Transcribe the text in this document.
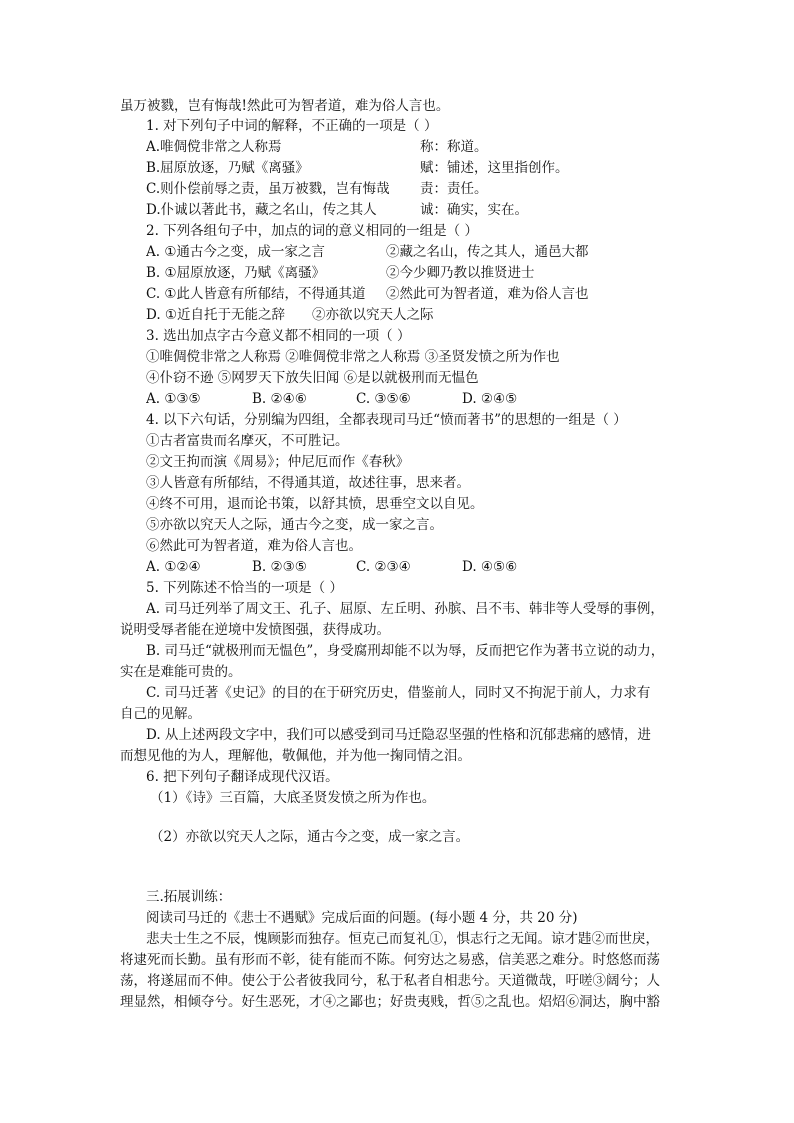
虽万被戮，岂有悔哉!然此可为智者道，难为俗人言也。
1. 对下列句子中词的解释，不正确的一项是（ ）
A.唯倜傥非常之人称焉	称：称道。
B.屈原放逐，乃赋《离骚》	赋：铺述，这里指创作。
C.则仆偿前辱之责，虽万被戮，岂有悔哉	责：责任。
D.仆诚以著此书，藏之名山，传之其人	诚：确实，实在。
2. 下列各组句子中，加点的词的意义相同的一组是（ ）
A. ①通古今之变，成一家之言	②藏之名山，传之其人，通邑大都
B. ①屈原放逐，乃赋《离骚》	②今少卿乃教以推贤进士
C. ①此人皆意有所郁结，不得通其道	②然此可为智者道，难为俗人言也
D. ①近自托于无能之辞	②亦欲以究天人之际
3. 选出加点字古今意义都不相同的一项（ ）
①唯倜傥非常之人称焉 ②唯倜傥非常之人称焉 ③圣贤发愤之所为作也
④仆窃不逊 ⑤网罗天下放失旧闻 ⑥是以就极刑而无愠色
A. ①③⑤	B. ②④⑥	C. ③⑤⑥	D. ②④⑤
4. 以下六句话，分别编为四组，全都表现司马迁“愤而著书”的思想的一组是（ ）
①古者富贵而名摩灭，不可胜记。
②文王拘而演《周易》；仲尼厄而作《春秋》
③人皆意有所郁结，不得通其道，故述往事，思来者。
④终不可用，退而论书策，以舒其愤，思垂空文以自见。
⑤亦欲以究天人之际，通古今之变，成一家之言。
⑥然此可为智者道，难为俗人言也。
A. ①②④	B. ②③⑤	C. ②③④	D. ④⑤⑥
5. 下列陈述不恰当的一项是（ ）
A. 司马迁列举了周文王、孔子、屈原、左丘明、孙膑、吕不韦、韩非等人受辱的事例，
说明受辱者能在逆境中发愤图强，获得成功。
B. 司马迁“就极刑而无愠色”，身受腐刑却能不以为辱，反而把它作为著书立说的动力，
实在是难能可贵的。
C. 司马迁著《史记》的目的在于研究历史，借鉴前人，同时又不拘泥于前人，力求有
自己的见解。
D. 从上述两段文字中，我们可以感受到司马迁隐忍坚强的性格和沉郁悲痛的感情，进
而想见他的为人，理解他，敬佩他，并为他一掬同情之泪。
6. 把下列句子翻译成现代汉语。
（1）《诗》三百篇，大底圣贤发愤之所为作也。
（2）亦欲以究天人之际，通古今之变，成一家之言。
三.拓展训练：
阅读司马迁的《悲士不遇赋》完成后面的问题。(每小题 4 分，共 20 分)
悲夫士生之不辰，愧顾影而独存。恒克己而复礼①，惧志行之无闻。谅才韪②而世戾，
将逮死而长勤。虽有形而不彰，徒有能而不陈。何穷达之易惑，信美恶之难分。时悠悠而荡
荡，将遂屈而不伸。使公于公者彼我同兮，私于私者自相悲兮。天道微哉，吁嗟③阔兮；人
理显然，相倾夺兮。好生恶死，才④之鄙也；好贵夷贱，哲⑤之乱也。炤炤⑥洞达，胸中豁
